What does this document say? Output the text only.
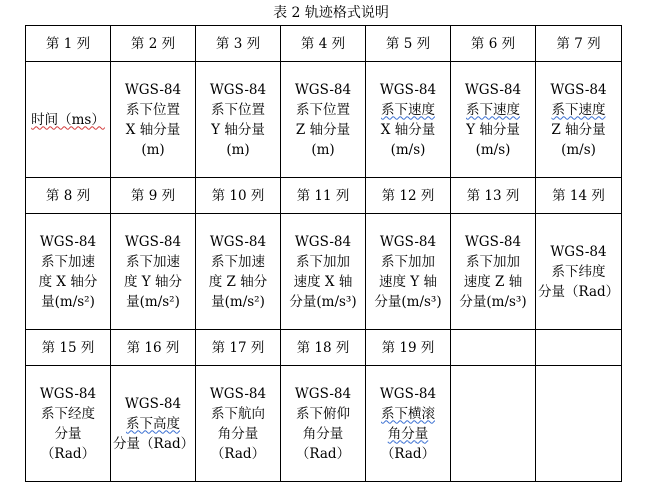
表 2 轨迹格式说明
第 1 列	第 2 列	第 3 列	第 4 列	第 5 列	第 6 列	第 7 列

时间（ms）	WGS-84
系下位置
X 轴分量
(m)	WGS-84
系下位置
Y 轴分量
(m)	WGS-84
系下位置
Z 轴分量
(m)	WGS-84
系下速度
X 轴分量
(m/s)	WGS-84
系下速度
Y 轴分量
(m/s)	WGS-84
系下速度
Z 轴分量
(m/s)

第 8 列	第 9 列	第 10 列	第 11 列	第 12 列	第 13 列	第 14 列

WGS-84
系下加速
度 X 轴分
量(m/s²)	WGS-84
系下加速
度 Y 轴分
量(m/s²)	WGS-84
系下加速
度 Z 轴分
量(m/s²)	WGS-84
系下加加
速度 X 轴
分量(m/s³)	WGS-84
系下加加
速度 Y 轴
分量(m/s³)	WGS-84
系下加加
速度 Z 轴
分量(m/s³)	WGS-84
系下纬度
分量（Rad）

第 15 列	第 16 列	第 17 列	第 18 列	第 19 列		

WGS-84
系下经度
分量
（Rad）	WGS-84
系下高度
分量（Rad）	WGS-84
系下航向
角分量
（Rad）	WGS-84
系下俯仰
角分量
（Rad）	WGS-84
系下横滚
角分量
（Rad）		
